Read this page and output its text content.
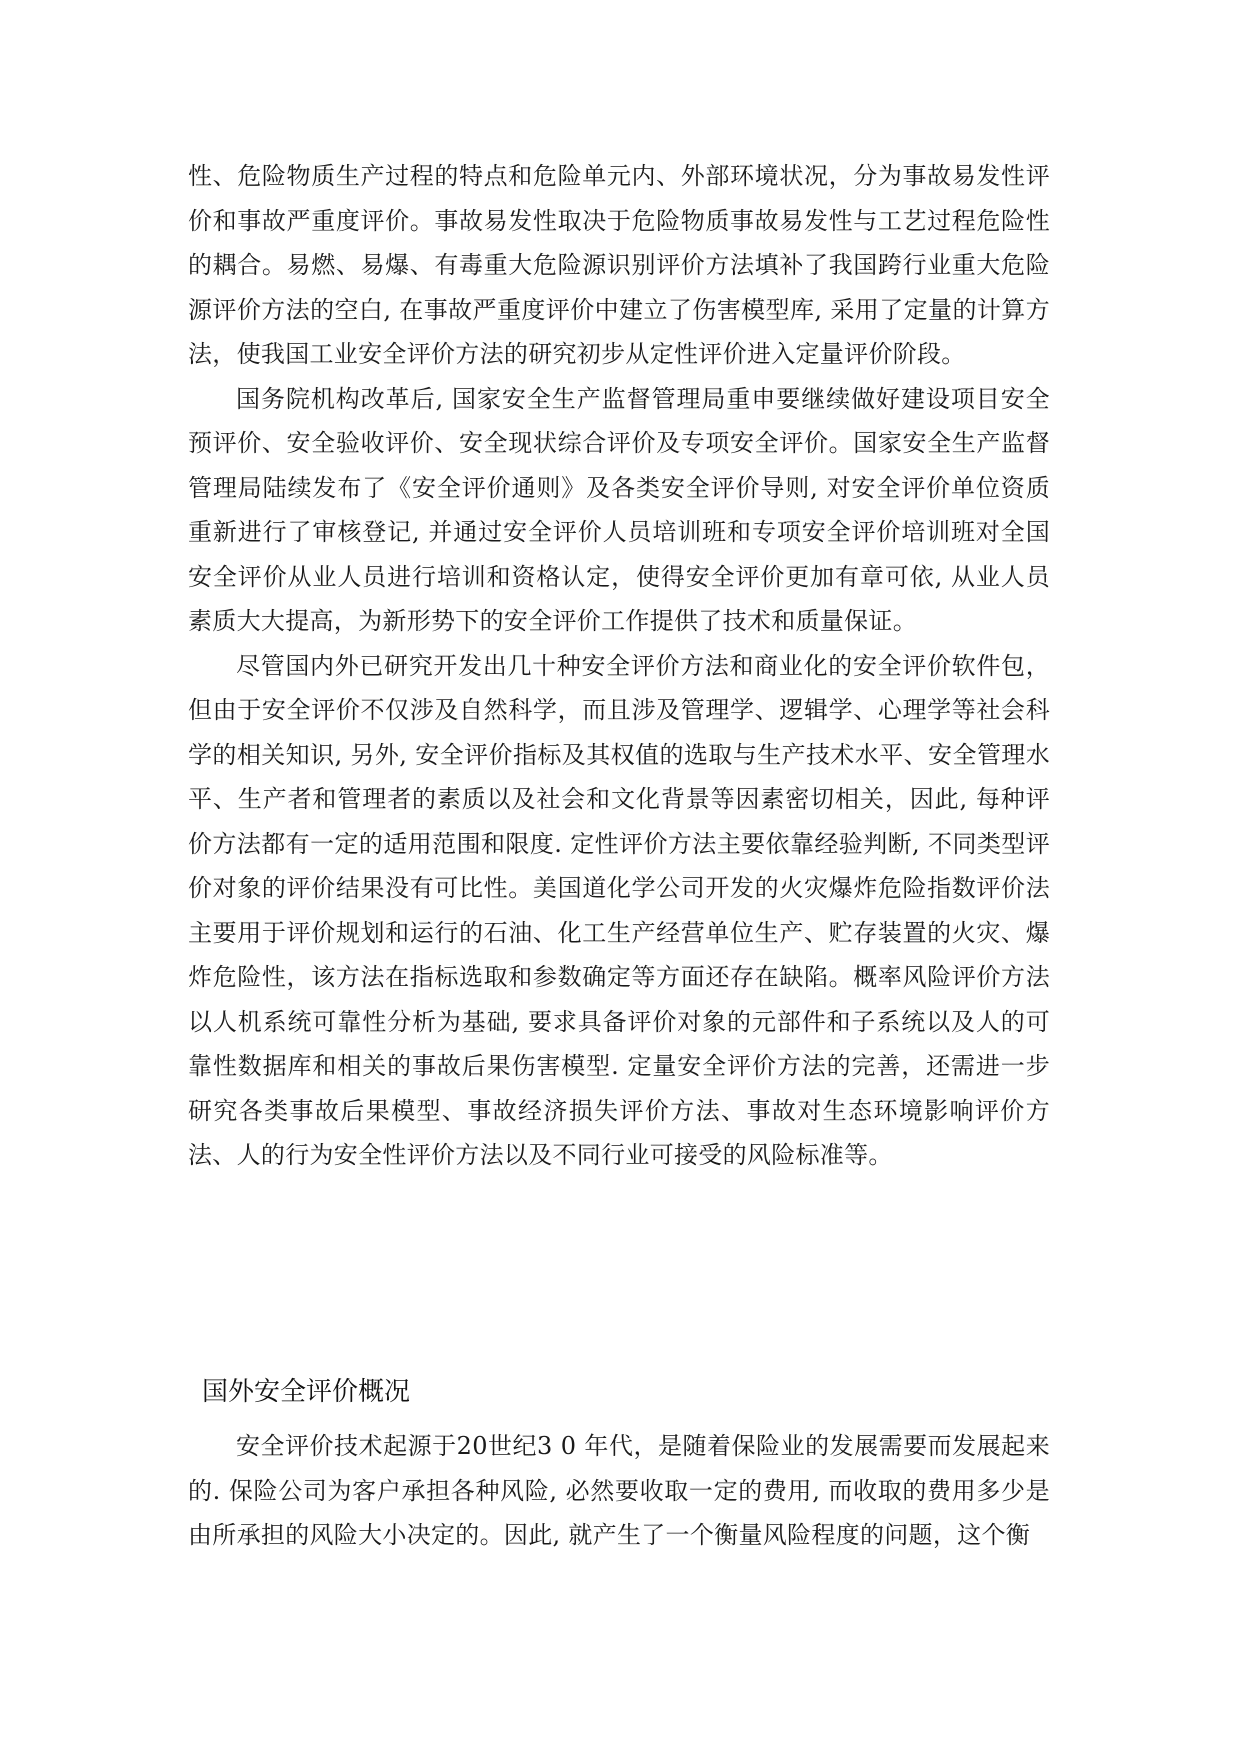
性、危险物质生产过程的特点和危险单元内、外部环境状况，分为事故易发性评价和事故严重度评价。事故易发性取决于危险物质事故易发性与工艺过程危险性的耦合。易燃、易爆、有毒重大危险源识别评价方法填补了我国跨行业重大危险源评价方法的空白, 在事故严重度评价中建立了伤害模型库, 采用了定量的计算方法，使我国工业安全评价方法的研究初步从定性评价进入定量评价阶段。

国务院机构改革后, 国家安全生产监督管理局重申要继续做好建设项目安全预评价、安全验收评价、安全现状综合评价及专项安全评价。国家安全生产监督管理局陆续发布了《安全评价通则》及各类安全评价导则, 对安全评价单位资质重新进行了审核登记, 并通过安全评价人员培训班和专项安全评价培训班对全国安全评价从业人员进行培训和资格认定，使得安全评价更加有章可依, 从业人员素质大大提高，为新形势下的安全评价工作提供了技术和质量保证。

尽管国内外已研究开发出几十种安全评价方法和商业化的安全评价软件包，但由于安全评价不仅涉及自然科学，而且涉及管理学、逻辑学、心理学等社会科学的相关知识, 另外, 安全评价指标及其权值的选取与生产技术水平、安全管理水平、生产者和管理者的素质以及社会和文化背景等因素密切相关，因此, 每种评价方法都有一定的适用范围和限度. 定性评价方法主要依靠经验判断, 不同类型评价对象的评价结果没有可比性。美国道化学公司开发的火灾爆炸危险指数评价法主要用于评价规划和运行的石油、化工生产经营单位生产、贮存装置的火灾、爆炸危险性，该方法在指标选取和参数确定等方面还存在缺陷。概率风险评价方法以人机系统可靠性分析为基础, 要求具备评价对象的元部件和子系统以及人的可靠性数据库和相关的事故后果伤害模型. 定量安全评价方法的完善，还需进一步研究各类事故后果模型、事故经济损失评价方法、事故对生态环境影响评价方法、人的行为安全性评价方法以及不同行业可接受的风险标准等。

国外安全评价概况

安全评价技术起源于20世纪3 0 年代，是随着保险业的发展需要而发展起来的. 保险公司为客户承担各种风险, 必然要收取一定的费用, 而收取的费用多少是由所承担的风险大小决定的。因此, 就产生了一个衡量风险程度的问题，这个衡
